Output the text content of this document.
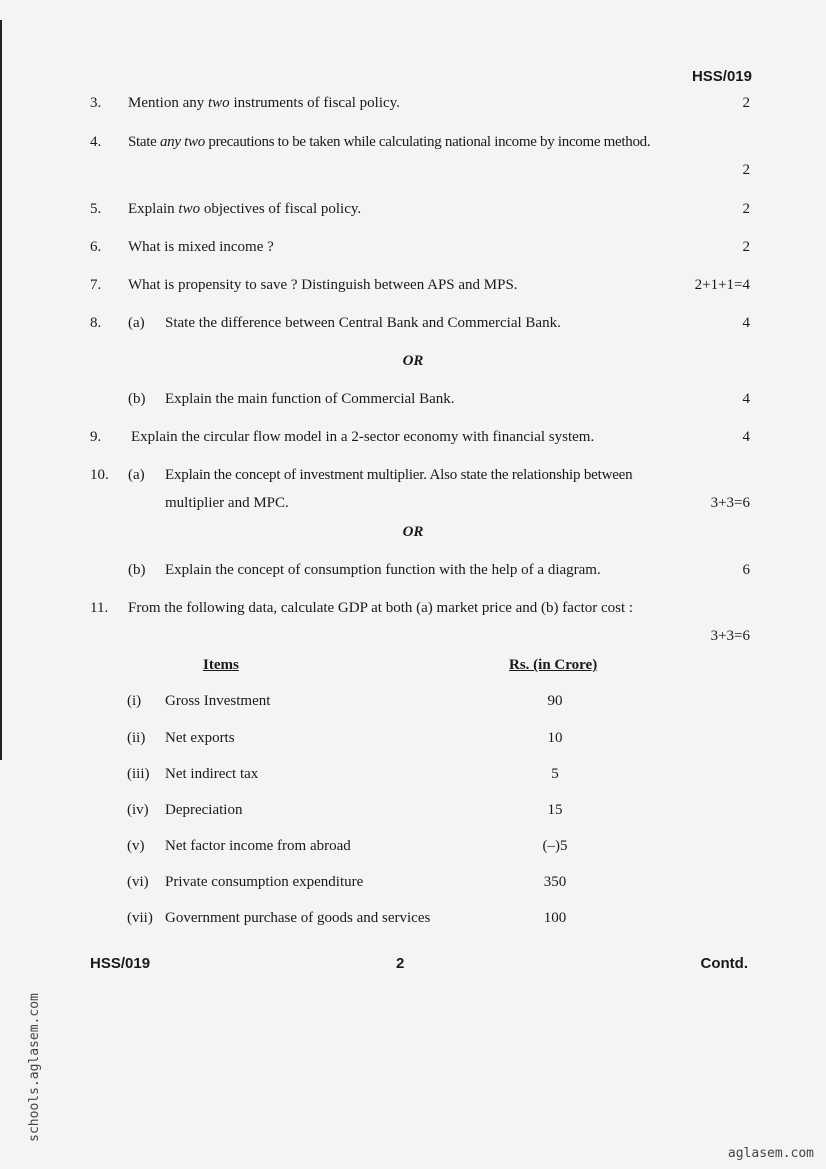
HSS/019
3. Mention any two instruments of fiscal policy.	2
4. State any two precautions to be taken while calculating national income by income method.
2
5. Explain two objectives of fiscal policy.	2
6. What is mixed income ?	2
7. What is propensity to save ? Distinguish between APS and MPS.	2+1+1=4
8. (a) State the difference between Central Bank and Commercial Bank.	4
OR
(b) Explain the main function of Commercial Bank.	4
9. Explain the circular flow model in a 2-sector economy with financial system.	4
10. (a) Explain the concept of investment multiplier. Also state the relationship between
multiplier and MPC.	3+3=6
OR
(b) Explain the concept of consumption function with the help of a diagram.	6
11. From the following data, calculate GDP at both (a) market price and (b) factor cost :
3+3=6
Items	Rs. (in Crore)
(i) Gross Investment	90
(ii) Net exports	10
(iii) Net indirect tax	5
(iv) Depreciation	15
(v) Net factor income from abroad	(–)5
(vi) Private consumption expenditure	350
(vii) Government purchase of goods and services	100
HSS/019	2	Contd.
schools.aglasem.com
aglasem.com
